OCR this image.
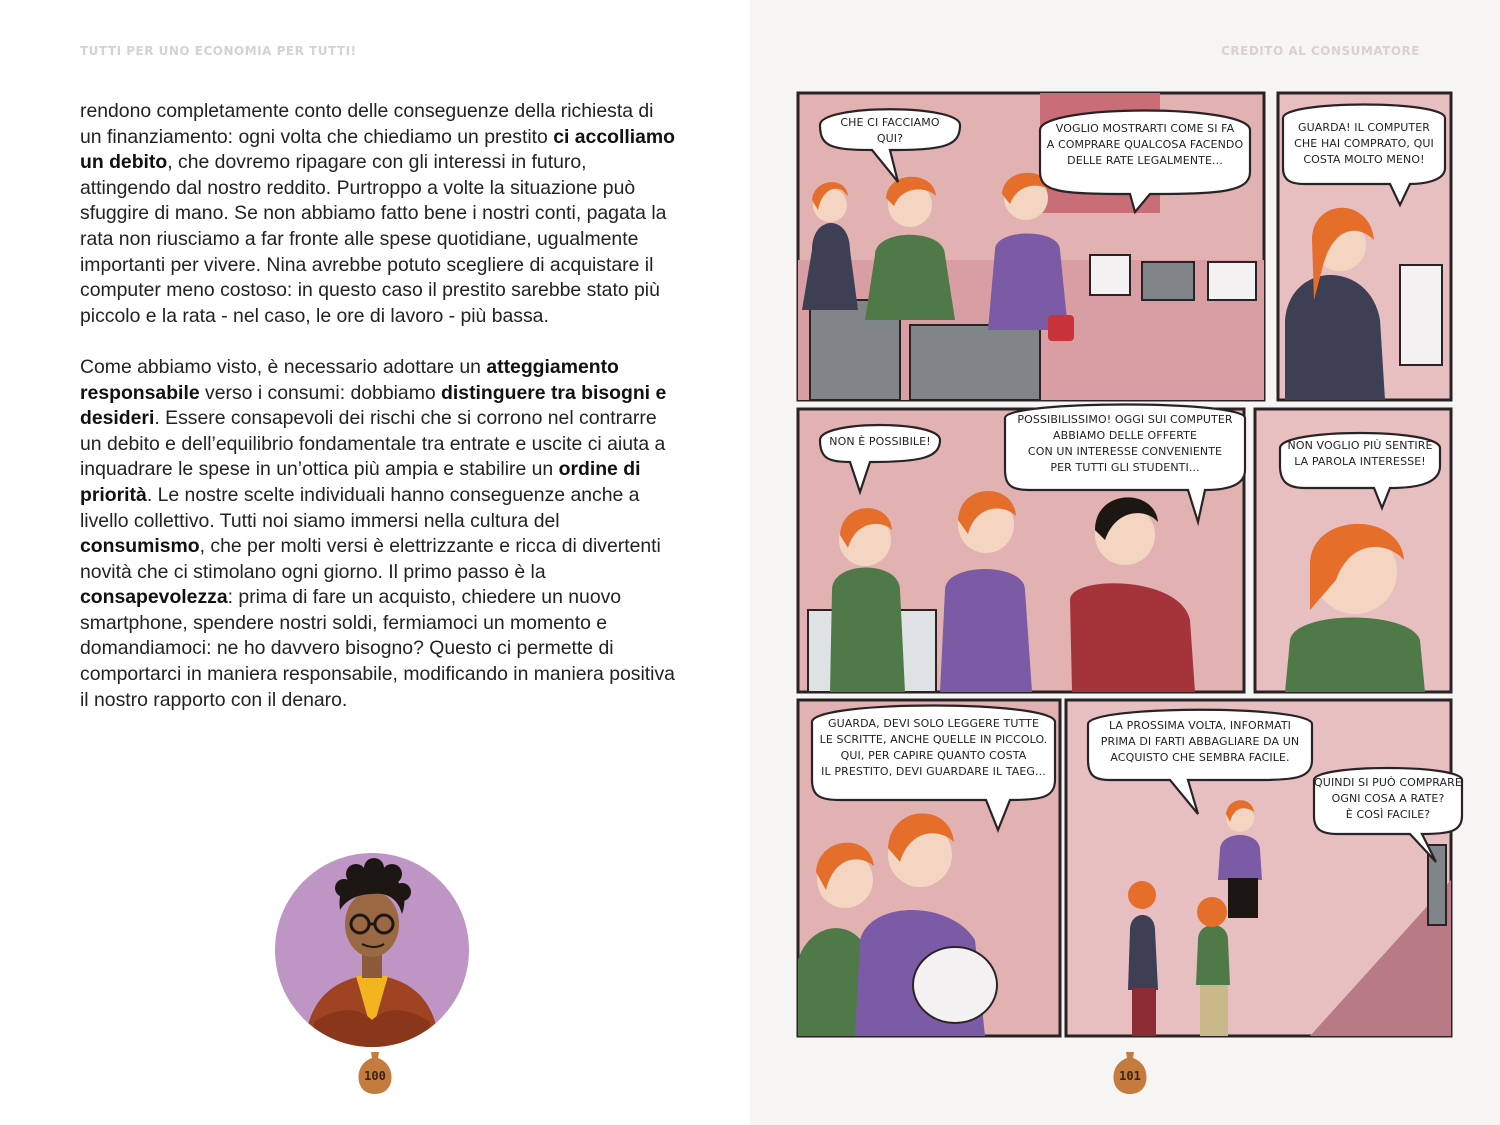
TUTTI PER UNO ECONOMIA PER TUTTI!

rendono completamente conto delle conseguenze della richiesta di un finanziamento: ogni volta che chiediamo un prestito ci accolliamo un debito, che dovremo ripagare con gli interessi in futuro, attingendo dal nostro reddito. Purtroppo a volte la situazione può sfuggire di mano. Se non abbiamo fatto bene i nostri conti, pagata la rata non riusciamo a far fronte alle spese quotidiane, ugualmente importanti per vivere. Nina avrebbe potuto scegliere di acquistare il computer meno costoso: in questo caso il prestito sarebbe stato più piccolo e la rata - nel caso, le ore di lavoro - più bassa.

Come abbiamo visto, è necessario adottare un atteggiamento responsabile verso i consumi: dobbiamo distinguere tra bisogni e desideri. Essere consapevoli dei rischi che si corrono nel contrarre un debito e dell’equilibrio fondamentale tra entrate e uscite ci aiuta a inquadrare le spese in un’ottica più ampia e stabilire un ordine di priorità. Le nostre scelte individuali hanno conseguenze anche a livello collettivo. Tutti noi siamo immersi nella cultura del consumismo, che per molti versi è elettrizzante e ricca di divertenti novità che ci stimolano ogni giorno. Il primo passo è la consapevolezza: prima di fare un acquisto, chiedere un nuovo smartphone, spendere nostri soldi, fermiamoci un momento e domandiamoci: ne ho davvero bisogno? Questo ci permette di comportarci in maniera responsabile, modificando in maniera positiva il nostro rapporto con il denaro.

100
CREDITO AL CONSUMATORE
CHE CI FACCIAMO
QUI?
VOGLIO MOSTRARTI COME SI FA
A COMPRARE QUALCOSA FACENDO
DELLE RATE LEGALMENTE...
GUARDA! IL COMPUTER
CHE HAI COMPRATO, QUI
COSTA MOLTO MENO!
NON È POSSIBILE!
POSSIBILISSIMO! OGGI SUI COMPUTER
ABBIAMO DELLE OFFERTE
CON UN INTERESSE CONVENIENTE
PER TUTTI GLI STUDENTI...
NON VOGLIO PIÙ SENTIRE
LA PAROLA INTERESSE!
GUARDA, DEVI SOLO LEGGERE TUTTE
LE SCRITTE, ANCHE QUELLE IN PICCOLO.
QUI, PER CAPIRE QUANTO COSTA
IL PRESTITO, DEVI GUARDARE IL TAEG...
LA PROSSIMA VOLTA, INFORMATI
PRIMA DI FARTI ABBAGLIARE DA UN
ACQUISTO CHE SEMBRA FACILE.
QUINDI SI PUÒ COMPRARE
OGNI COSA A RATE?
È COSÌ FACILE?
101
